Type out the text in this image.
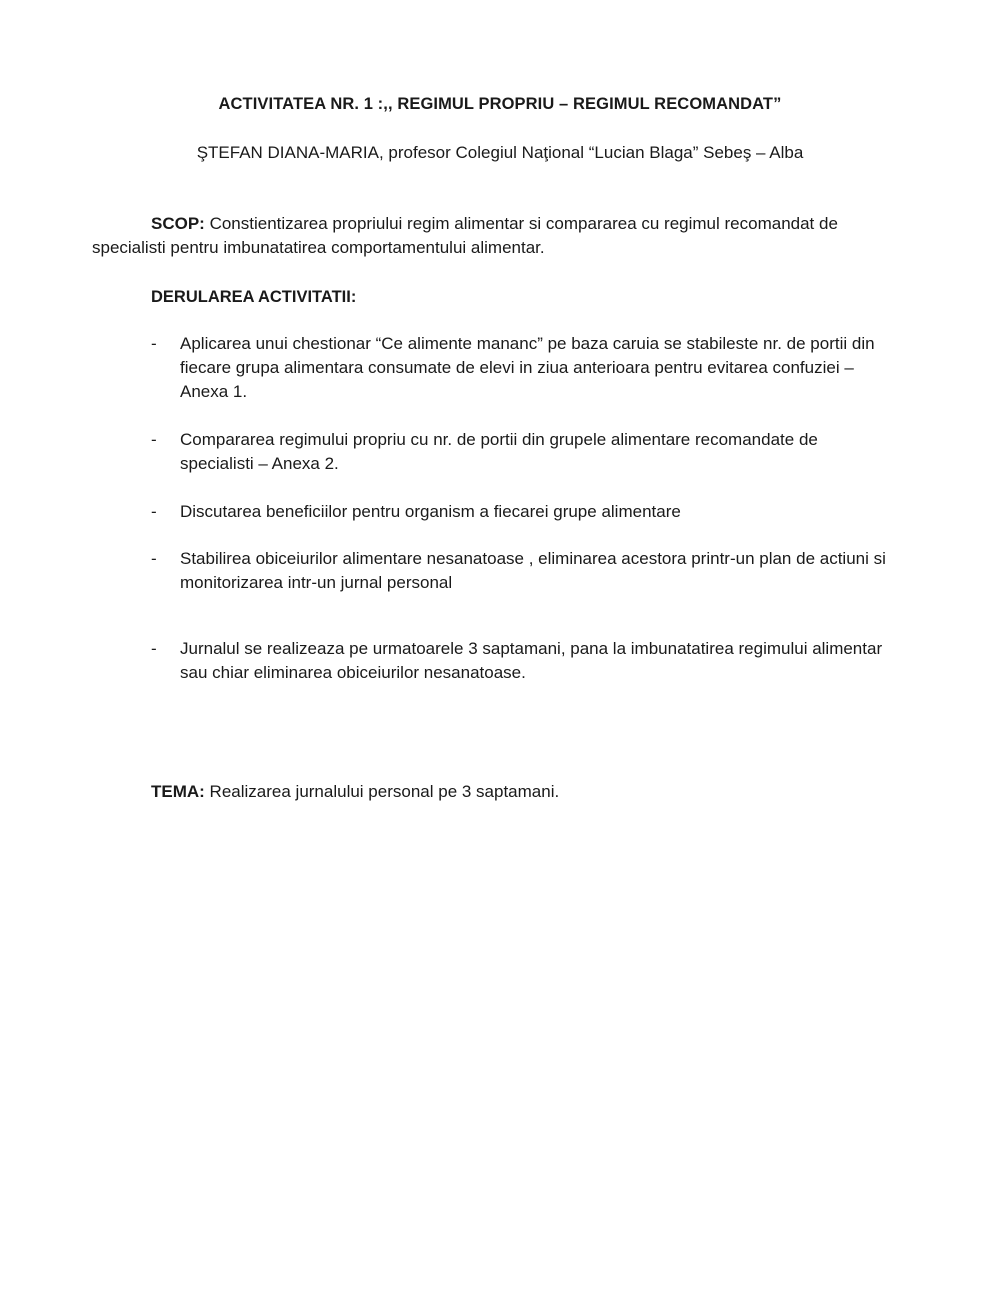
ACTIVITATEA NR. 1 :,, REGIMUL PROPRIU – REGIMUL RECOMANDAT”
ŞTEFAN DIANA-MARIA, profesor Colegiul Naţional “Lucian Blaga” Sebeş – Alba
SCOP: Constientizarea propriului regim alimentar si compararea cu regimul recomandat de specialisti pentru imbunatatirea comportamentului alimentar.
DERULAREA ACTIVITATII:
-	Aplicarea unui chestionar “Ce alimente mananc” pe baza caruia se stabileste nr. de portii din fiecare grupa alimentara consumate de elevi in ziua anterioara pentru evitarea confuziei – Anexa 1.
-	Compararea regimului propriu cu nr. de portii din grupele alimentare recomandate de specialisti – Anexa 2.
-	Discutarea beneficiilor pentru organism a fiecarei grupe alimentare
-	Stabilirea obiceiurilor alimentare nesanatoase , eliminarea acestora printr-un plan de actiuni si monitorizarea intr-un jurnal personal
-	Jurnalul se realizeaza pe urmatoarele 3 saptamani, pana la imbunatatirea regimului alimentar sau chiar eliminarea obiceiurilor nesanatoase.
TEMA: Realizarea jurnalului personal pe 3 saptamani.
